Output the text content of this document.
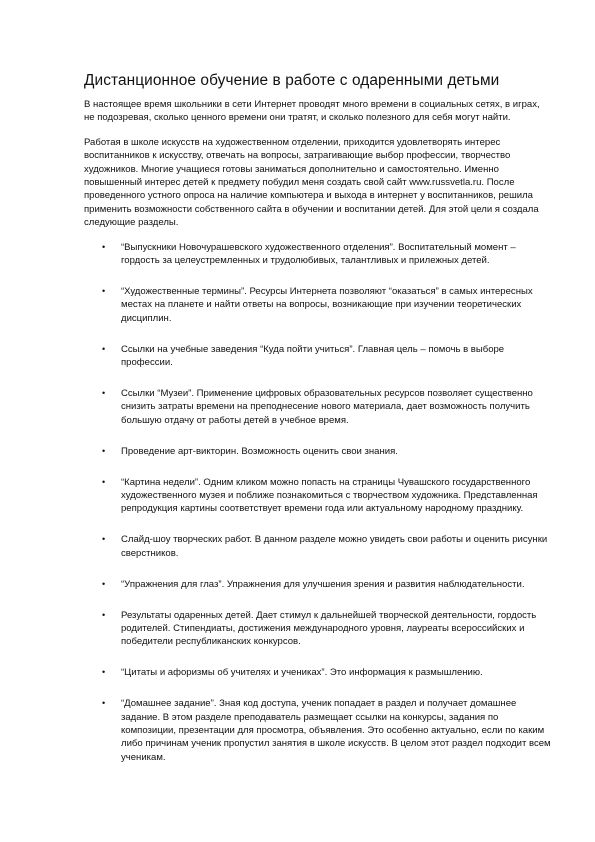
Дистанционное обучение в работе с одаренными детьми

В настоящее время школьники в сети Интернет проводят много времени в социальных сетях, в играх, не подозревая, сколько ценного времени они тратят, и сколько полезного для себя могут найти.

Работая в школе искусств на художественном отделении, приходится удовлетворять интерес воспитанников к искусству, отвечать на вопросы, затрагивающие выбор профессии, творчество художников. Многие учащиеся готовы заниматься дополнительно и самостоятельно. Именно повышенный интерес детей к предмету побудил меня создать свой сайт www.russvetla.ru. После проведенного устного опроса на наличие компьютера и выхода в интернет у воспитанников, решила применить возможности собственного сайта в обучении и воспитании детей. Для этой цели я создала следующие разделы.

• “Выпускники Новочурашевского художественного отделения”. Воспитательный момент – гордость за целеустремленных и трудолюбивых, талантливых и прилежных детей.
• “Художественные термины”. Ресурсы Интернета позволяют “оказаться” в самых интересных местах на планете и найти ответы на вопросы, возникающие при изучении теоретических дисциплин.
• Ссылки на учебные заведения “Куда пойти учиться”. Главная цель – помочь в выборе профессии.
• Ссылки “Музеи”. Применение цифровых образовательных ресурсов позволяет существенно снизить затраты времени на преподнесение нового материала, дает возможность получить большую отдачу от работы детей в учебное время.
• Проведение арт-викторин. Возможность оценить свои знания.
• “Картина недели”. Одним кликом можно попасть на страницы Чувашского государственного художественного музея и поближе познакомиться с творчеством художника. Представленная репродукция картины соответствует времени года или актуальному народному празднику.
• Слайд-шоу творческих работ. В данном разделе можно увидеть свои работы и оценить рисунки сверстников.
• “Упражнения для глаз”. Упражнения для улучшения зрения и развития наблюдательности.
• Результаты одаренных детей. Дает стимул к дальнейшей творческой деятельности, гордость родителей. Стипендиаты, достижения международного уровня, лауреаты всероссийских и победители республиканских конкурсов.
• “Цитаты и афоризмы об учителях и учениках”. Это информация к размышлению.
• “Домашнее задание”. Зная код доступа, ученик попадает в раздел и получает домашнее задание. В этом разделе преподаватель размещает ссылки на конкурсы, задания по композиции, презентации для просмотра, объявления. Это особенно актуально, если по каким либо причинам ученик пропустил занятия в школе искусств. В целом этот раздел подходит всем ученикам.
